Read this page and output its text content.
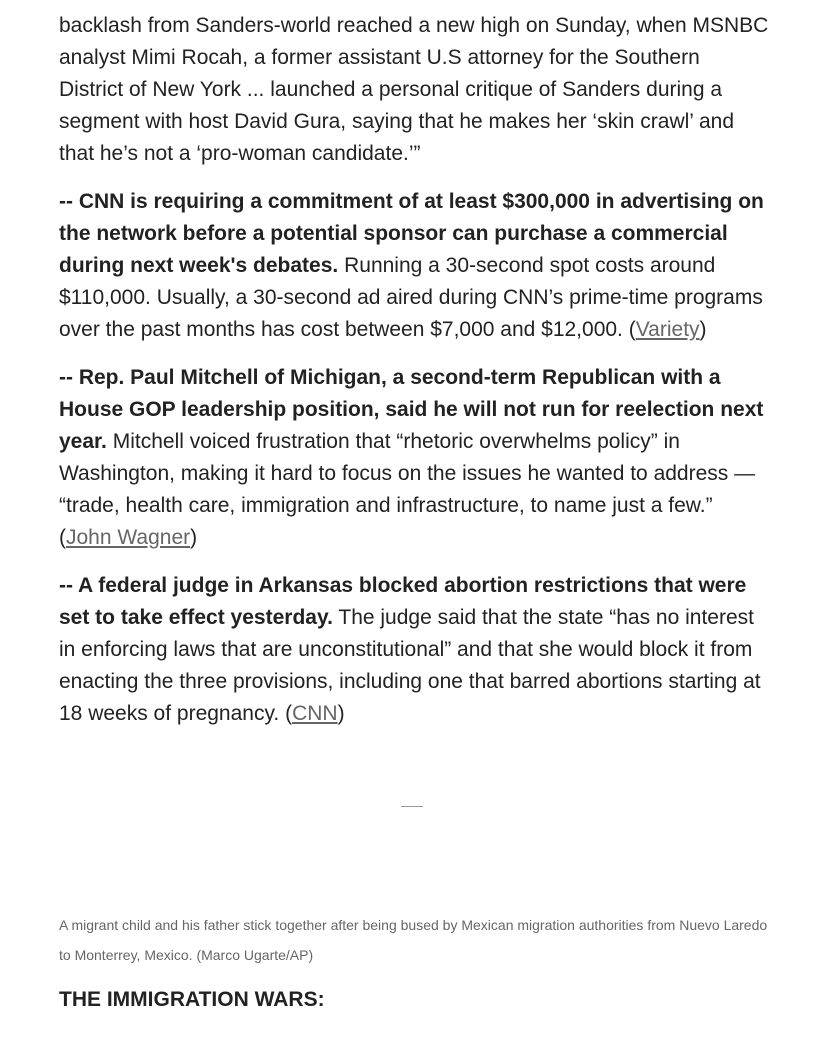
backlash from Sanders-world reached a new high on Sunday, when MSNBC analyst Mimi Rocah, a former assistant U.S attorney for the Southern District of New York ... launched a personal critique of Sanders during a segment with host David Gura, saying that he makes her ‘skin crawl’ and that he’s not a ‘pro-woman candidate.’”

-- CNN is requiring a commitment of at least $300,000 in advertising on the network before a potential sponsor can purchase a commercial during next week's debates. Running a 30-second spot costs around $110,000. Usually, a 30-second ad aired during CNN’s prime-time programs over the past months has cost between $7,000 and $12,000. (Variety)

-- Rep. Paul Mitchell of Michigan, a second-term Republican with a House GOP leadership position, said he will not run for reelection next year. Mitchell voiced frustration that “rhetoric overwhelms policy” in Washington, making it hard to focus on the issues he wanted to address — “trade, health care, immigration and infrastructure, to name just a few.” (John Wagner)

-- A federal judge in Arkansas blocked abortion restrictions that were set to take effect yesterday. The judge said that the state “has no interest in enforcing laws that are unconstitutional” and that she would block it from enacting the three provisions, including one that barred abortions starting at 18 weeks of pregnancy. (CNN)

A migrant child and his father stick together after being bused by Mexican migration authorities from Nuevo Laredo to Monterrey, Mexico. (Marco Ugarte/AP)
THE IMMIGRATION WARS:
